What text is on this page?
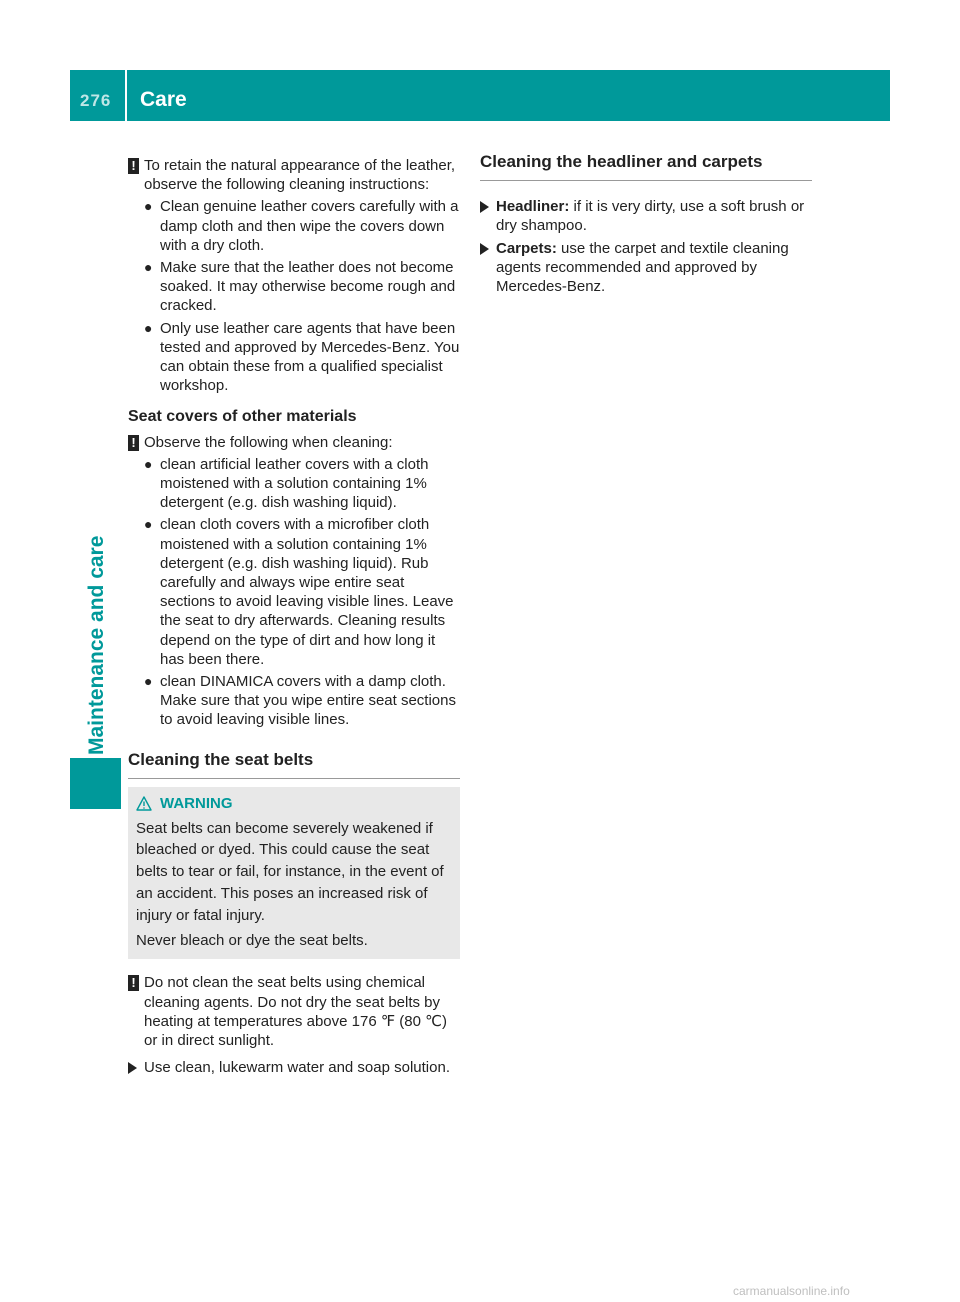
276 Care
Maintenance and care
! To retain the natural appearance of the leather, observe the following cleaning instructions:
● Clean genuine leather covers carefully with a damp cloth and then wipe the covers down with a dry cloth.
● Make sure that the leather does not become soaked. It may otherwise become rough and cracked.
● Only use leather care agents that have been tested and approved by Mercedes-Benz. You can obtain these from a qualified specialist workshop.
Seat covers of other materials
! Observe the following when cleaning:
● clean artificial leather covers with a cloth moistened with a solution containing 1% detergent (e.g. dish washing liquid).
● clean cloth covers with a microfiber cloth moistened with a solution containing 1% detergent (e.g. dish washing liquid). Rub carefully and always wipe entire seat sections to avoid leaving visible lines. Leave the seat to dry afterwards. Cleaning results depend on the type of dirt and how long it has been there.
● clean DINAMICA covers with a damp cloth. Make sure that you wipe entire seat sections to avoid leaving visible lines.
Cleaning the seat belts
WARNING

Seat belts can become severely weakened if bleached or dyed. This could cause the seat belts to tear or fail, for instance, in the event of an accident. This poses an increased risk of injury or fatal injury.

Never bleach or dye the seat belts.

! Do not clean the seat belts using chemical cleaning agents. Do not dry the seat belts by heating at temperatures above 176 ℉ (80 ℃) or in direct sunlight.
Use clean, lukewarm water and soap solution.
Cleaning the headliner and carpets
Headliner: if it is very dirty, use a soft brush or dry shampoo.
Carpets: use the carpet and textile cleaning agents recommended and approved by Mercedes-Benz.
carmanualsonline.info
